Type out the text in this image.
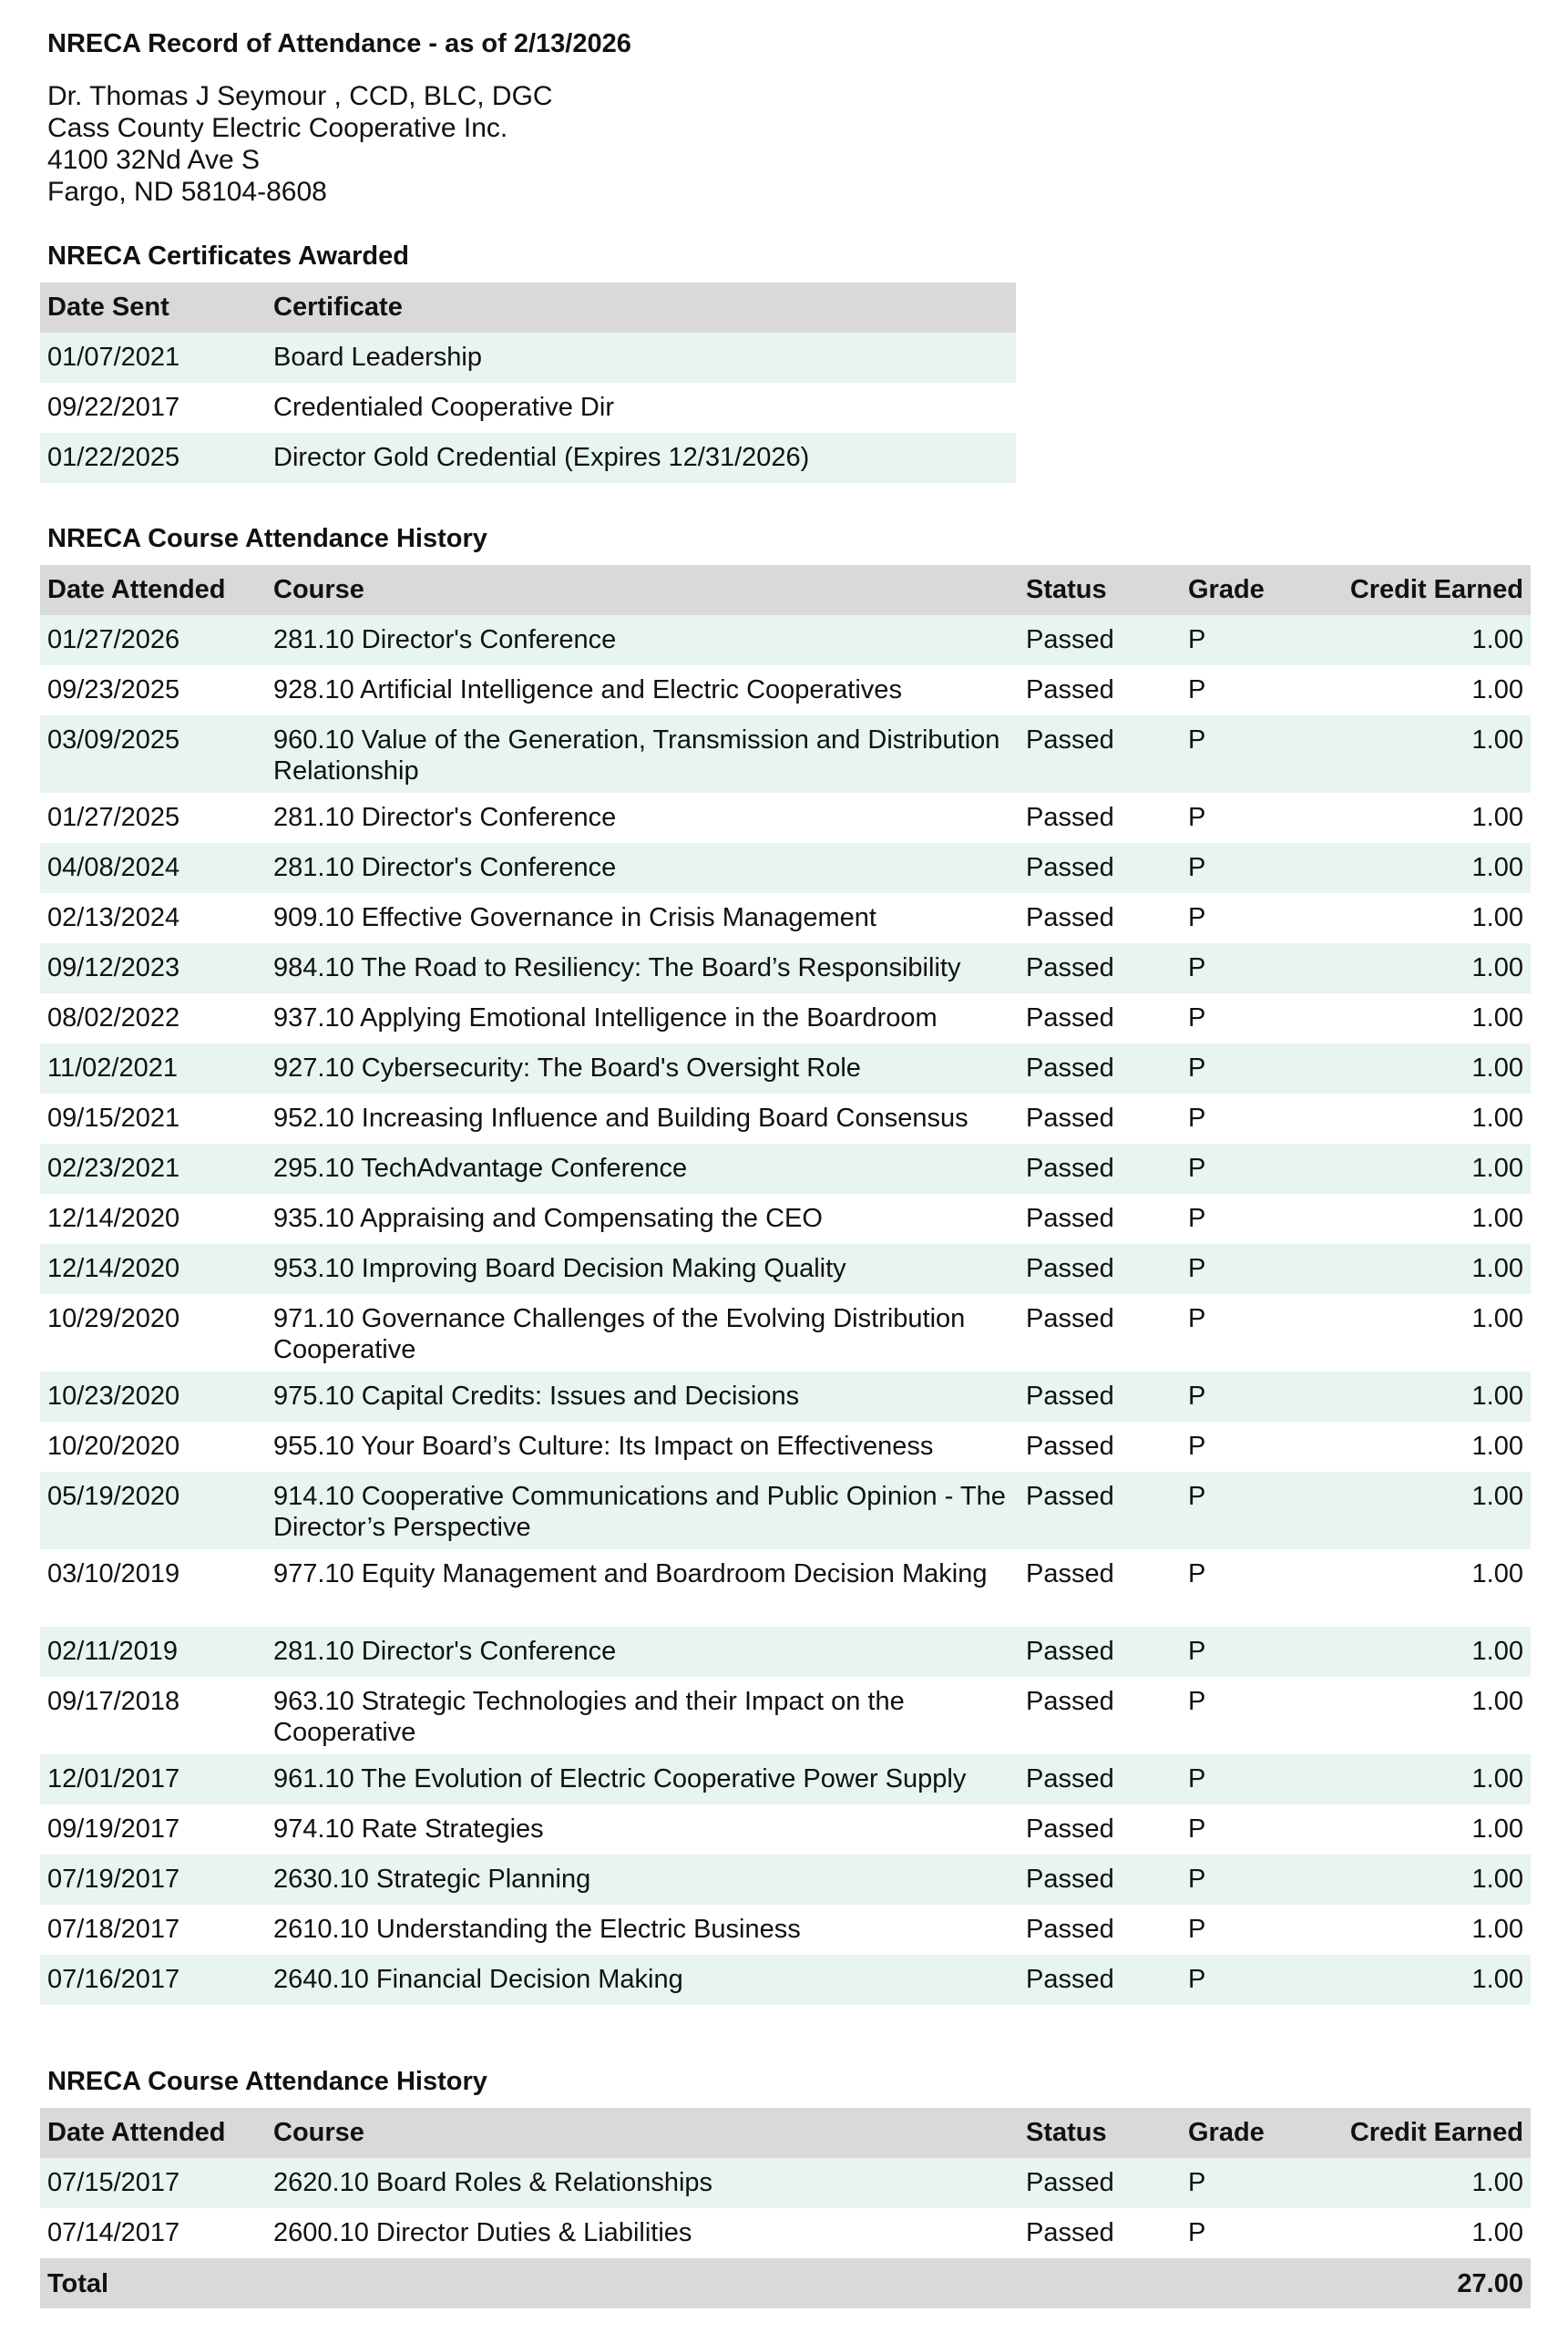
NRECA Record of Attendance - as of 2/13/2026
Dr. Thomas J Seymour , CCD, BLC, DGC
Cass County Electric Cooperative Inc.
4100 32Nd Ave S
Fargo, ND 58104-8608
NRECA Certificates Awarded
Date Sent	Certificate
01/07/2021	Board Leadership
09/22/2017	Credentialed Cooperative Dir
01/22/2025	Director Gold Credential (Expires 12/31/2026)
NRECA Course Attendance History
Date Attended	Course	Status	Grade	Credit Earned
01/27/2026	281.10 Director's Conference	Passed	P	1.00
09/23/2025	928.10 Artificial Intelligence and Electric Cooperatives	Passed	P	1.00
03/09/2025	960.10 Value of the Generation, Transmission and Distribution Relationship	Passed	P	1.00
01/27/2025	281.10 Director's Conference	Passed	P	1.00
04/08/2024	281.10 Director's Conference	Passed	P	1.00
02/13/2024	909.10 Effective Governance in Crisis Management	Passed	P	1.00
09/12/2023	984.10 The Road to Resiliency: The Board’s Responsibility	Passed	P	1.00
08/02/2022	937.10 Applying Emotional Intelligence in the Boardroom	Passed	P	1.00
11/02/2021	927.10 Cybersecurity: The Board's Oversight Role	Passed	P	1.00
09/15/2021	952.10 Increasing Influence and Building Board Consensus	Passed	P	1.00
02/23/2021	295.10 TechAdvantage Conference	Passed	P	1.00
12/14/2020	935.10 Appraising and Compensating the CEO	Passed	P	1.00
12/14/2020	953.10 Improving Board Decision Making Quality	Passed	P	1.00
10/29/2020	971.10 Governance Challenges of the Evolving Distribution Cooperative	Passed	P	1.00
10/23/2020	975.10 Capital Credits: Issues and Decisions	Passed	P	1.00
10/20/2020	955.10 Your Board’s Culture: Its Impact on Effectiveness	Passed	P	1.00
05/19/2020	914.10 Cooperative Communications and Public Opinion - The Director’s Perspective	Passed	P	1.00
03/10/2019	977.10 Equity Management and Boardroom Decision Making	Passed	P	1.00
02/11/2019	281.10 Director's Conference	Passed	P	1.00
09/17/2018	963.10 Strategic Technologies and their Impact on the Cooperative	Passed	P	1.00
12/01/2017	961.10 The Evolution of Electric Cooperative Power Supply	Passed	P	1.00
09/19/2017	974.10 Rate Strategies	Passed	P	1.00
07/19/2017	2630.10 Strategic Planning	Passed	P	1.00
07/18/2017	2610.10 Understanding the Electric Business	Passed	P	1.00
07/16/2017	2640.10 Financial Decision Making	Passed	P	1.00
NRECA Course Attendance History
Date Attended	Course	Status	Grade	Credit Earned
07/15/2017	2620.10 Board Roles & Relationships	Passed	P	1.00
07/14/2017	2600.10 Director Duties & Liabilities	Passed	P	1.00
Total				27.00
